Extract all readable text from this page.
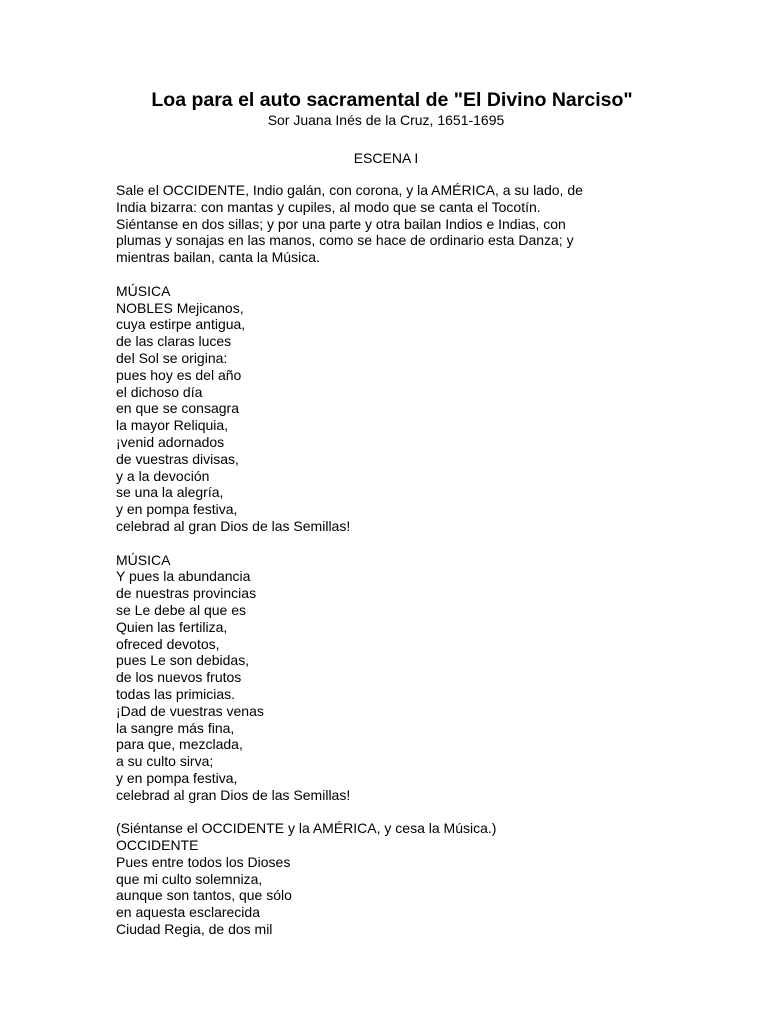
Loa para el auto sacramental de "El Divino Narciso"

Sor Juana Inés de la Cruz, 1651-1695

ESCENA I

Sale el OCCIDENTE, Indio galán, con corona, y la AMÉRICA, a su lado, de
India bizarra: con mantas y cupiles, al modo que se canta el Tocotín.
Siéntanse en dos sillas; y por una parte y otra bailan Indios e Indias, con
plumas y sonajas en las manos, como se hace de ordinario esta Danza; y
mientras bailan, canta la Música.
MÚSICA
NOBLES Mejicanos,
cuya estirpe antigua,
de las claras luces
del Sol se origina:
pues hoy es del año
el dichoso día
en que se consagra
la mayor Reliquia,
¡venid adornados
de vuestras divisas,
y a la devoción
se una la alegría,
y en pompa festiva,
celebrad al gran Dios de las Semillas!
MÚSICA
Y pues la abundancia
de nuestras provincias
se Le debe al que es
Quien las fertiliza,
ofreced devotos,
pues Le son debidas,
de los nuevos frutos
todas las primicias.
¡Dad de vuestras venas
la sangre más fina,
para que, mezclada,
a su culto sirva;
y en pompa festiva,
celebrad al gran Dios de las Semillas!
(Siéntanse el OCCIDENTE y la AMÉRICA, y cesa la Música.)
OCCIDENTE
Pues entre todos los Dioses
que mi culto solemniza,
aunque son tantos, que sólo
en aquesta esclarecida
Ciudad Regia, de dos mil
